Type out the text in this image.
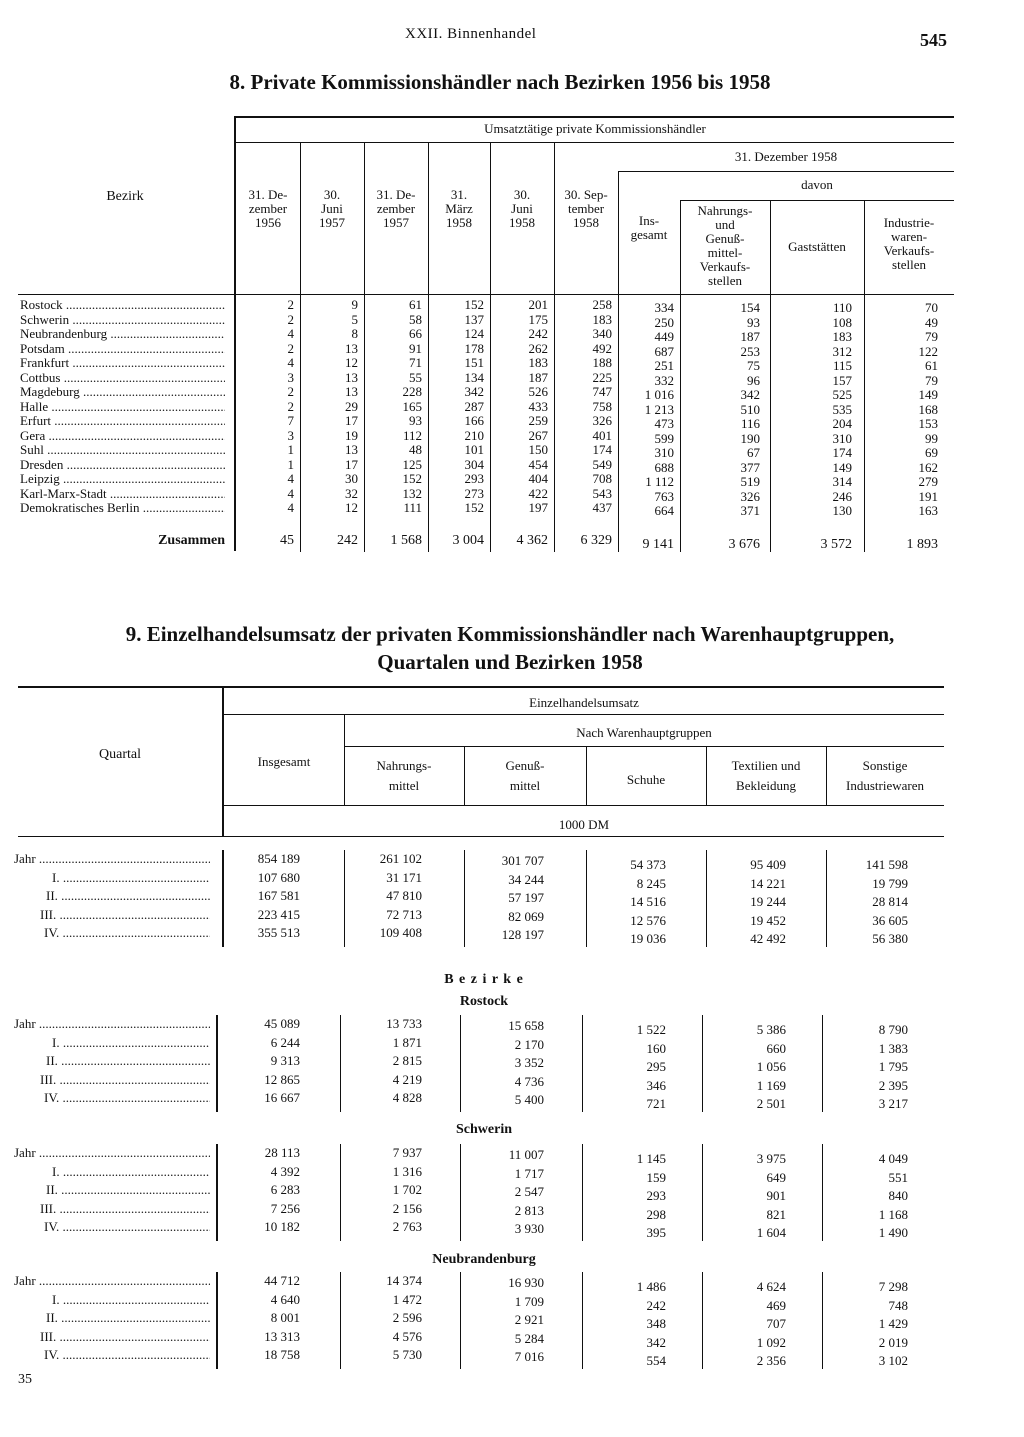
XXII. Binnenhandel	545
8. Private Kommissionshändler nach Bezirken 1956 bis 1958
Bezirk
Umsatztätige private Kommissionshändler
31. Dezember 1958
davon
31. De-
zember
1956
30.
Juni
1957
31. De-
zember
1957
31.
März
1958
30.
Juni
1958
30. Sep-
tember
1958	Ins-
gesamt
Nahrungs-
und
Genuß-
mittel-
Verkaufs-
stellen
Gaststätten
Industrie-
waren-
Verkaufs-
stellen
Rostock .....	2	9	61	152	201	258	334	154	110	70
Schwerin .....	2	5	58	137	175	183	250	93	108	49
Neubrandenburg .....	4	8	66	124	242	340	449	187	183	79
Potsdam .....	2	13	91	178	262	492	687	253	312	122
Frankfurt .....	4	12	71	151	183	188	251	75	115	61
Cottbus .....	3	13	55	134	187	225	332	96	157	79
Magdeburg .....	2	13	228	342	526	747	1 016	342	525	149
Halle .....	2	29	165	287	433	758	1 213	510	535	168
Erfurt .....	7	17	93	166	259	326	473	116	204	153
Gera .....	3	19	112	210	267	401	599	190	310	99
Suhl .....	1	13	48	101	150	174	310	67	174	69
Dresden .....	1	17	125	304	454	549	688	377	149	162
Leipzig .....	4	30	152	293	404	708	1 112	519	314	279
Karl-Marx-Stadt .....	4	32	132	273	422	543	763	326	246	191
Demokratisches Berlin .....	4	12	111	152	197	437	664	371	130	163
Zusammen	45	242	1 568	3 004	4 362	6 329	9 141	3 676	3 572	1 893
9. Einzelhandelsumsatz der privaten Kommissionshändler nach Warenhauptgruppen,
Quartalen und Bezirken 1958
Quartal
Einzelhandelsumsatz
Nach Warenhauptgruppen
1000 DM
Insgesamt	Nahrungs-
mittel
Genuß-
mittel	Schuhe
Textilien und
Bekleidung
Sonstige
Industriewaren
B e z i r k e
Jahr .....	854 189	261 102	301 707	54 373	95 409	141 598
I. .....	107 680	31 171	34 244	8 245	14 221	19 799
II. .....	167 581	47 810	57 197	14 516	19 244	28 814
III. .....	223 415	72 713	82 069	12 576	19 452	36 605
IV. .....	355 513	109 408	128 197	19 036	42 492	56 380
Rostock
Jahr .....	45 089	13 733	15 658	1 522	5 386	8 790
I. .....	6 244	1 871	2 170	160	660	1 383
II. .....	9 313	2 815	3 352	295	1 056	1 795
III. .....	12 865	4 219	4 736	346	1 169	2 395
IV. .....	16 667	4 828	5 400	721	2 501	3 217
Schwerin
Jahr .....	28 113	7 937	11 007	1 145	3 975	4 049
I. .....	4 392	1 316	1 717	159	649	551
II. .....	6 283	1 702	2 547	293	901	840
III. .....	7 256	2 156	2 813	298	821	1 168
IV. .....	10 182	2 763	3 930	395	1 604	1 490
Neubrandenburg
Jahr .....	44 712	14 374	16 930	1 486	4 624	7 298
I. .....	4 640	1 472	1 709	242	469	748
II. .....	8 001	2 596	2 921	348	707	1 429
III. .....	13 313	4 576	5 284	342	1 092	2 019
IV. .....	18 758	5 730	7 016	554	2 356	3 102
35
